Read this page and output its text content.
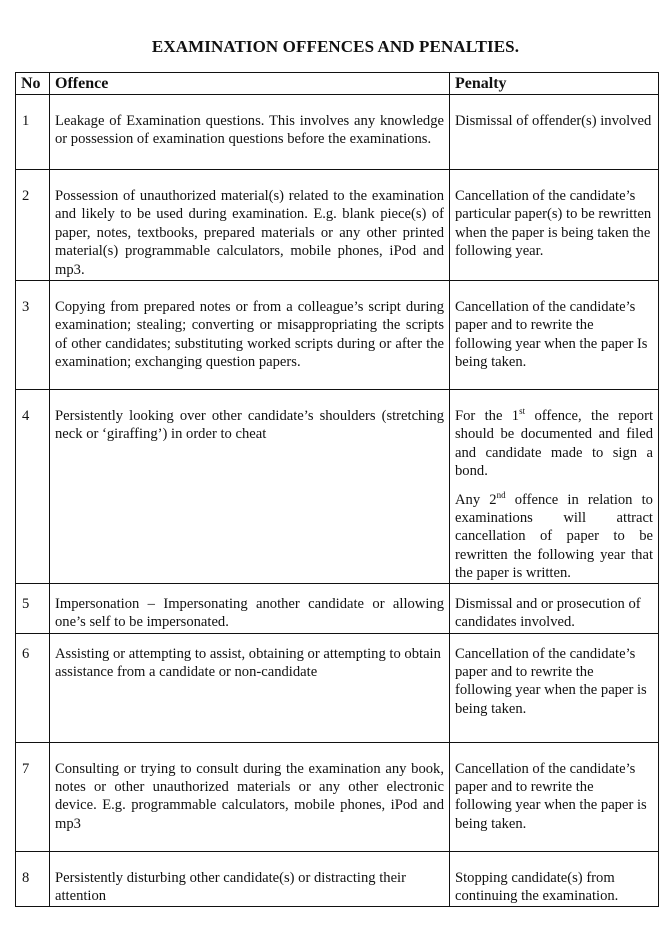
EXAMINATION OFFENCES AND PENALTIES.
No	Offence	Penalty

1	Leakage of Examination questions. This involves any knowledge or possession of examination questions before the examinations.	Dismissal of offender(s) involved

2	Possession of unauthorized material(s) related to the examination and likely to be used during examination. E.g. blank piece(s) of paper, notes, textbooks, prepared materials or any other printed material(s) programmable calculators, mobile phones, iPod and mp3.	Cancellation of the candidate’s particular paper(s) to be rewritten when the paper is being taken the following year.

3	Copying from prepared notes or from a colleague’s script during examination; stealing; converting or misappropriating the scripts of other candidates; substituting worked scripts during or after the examination; exchanging question papers.	Cancellation of the candidate’s paper and to rewrite the following year when the paper Is being taken.

4	Persistently looking over other candidate’s shoulders (stretching neck or ‘giraffing’) in order to cheat	For the 1st offence, the report should be documented and filed and candidate made to sign a bond.
Any 2nd offence in relation to examinations will attract cancellation of paper to be rewritten the following year that the paper is written.

5	Impersonation – Impersonating another candidate or allowing one’s self to be impersonated.	Dismissal and or prosecution of candidates involved.

6	Assisting or attempting to assist, obtaining or attempting to obtain assistance from a candidate or non-candidate	Cancellation of the candidate’s paper and to rewrite the following year when the paper is being taken.

7	Consulting or trying to consult during the examination any book, notes or other unauthorized materials or any other electronic device. E.g. programmable calculators, mobile phones, iPod and mp3	Cancellation of the candidate’s paper and to rewrite the following year when the paper is being taken.

8	Persistently disturbing other candidate(s) or distracting their attention	Stopping candidate(s) from continuing the examination.
